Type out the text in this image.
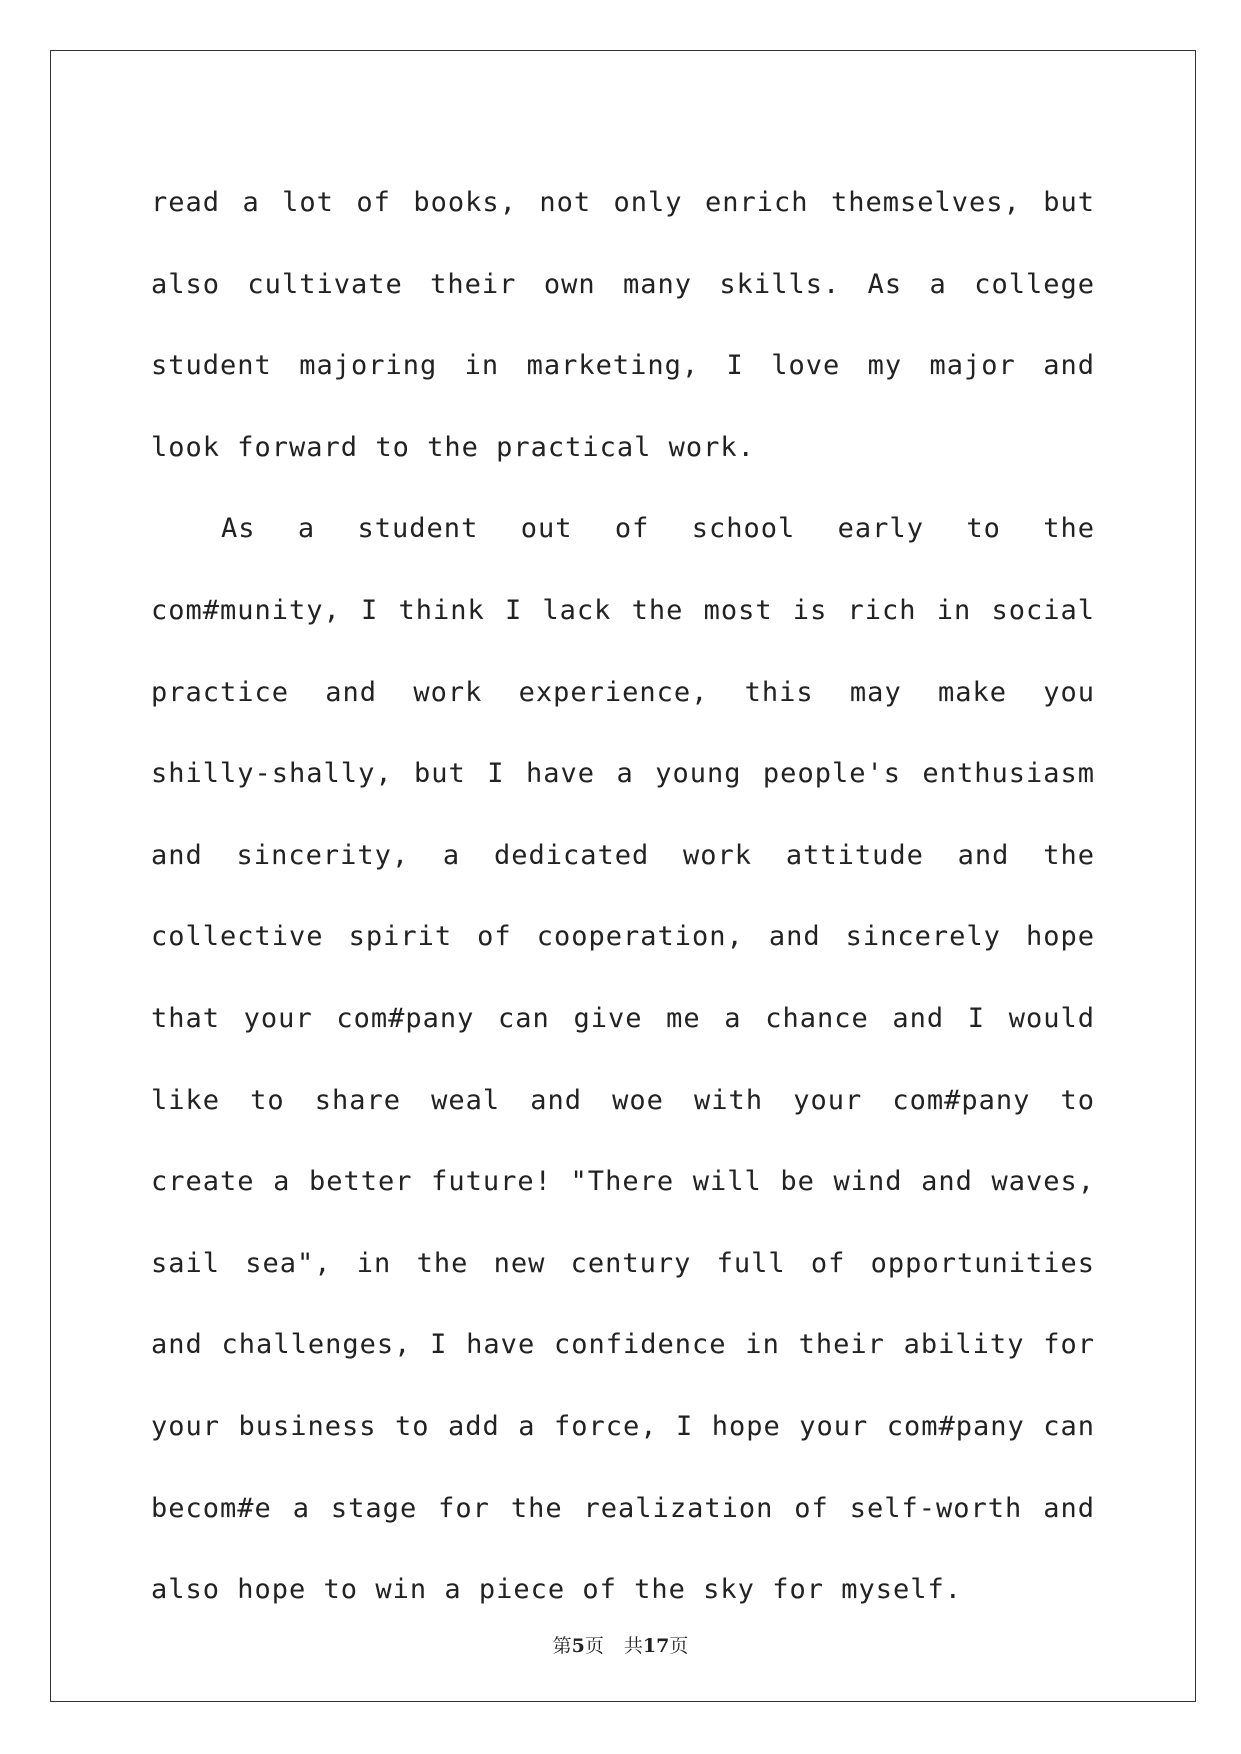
read a lot of books, not only enrich themselves, but also cultivate their own many skills. As a college student majoring in marketing, I love my major and look forward to the practical work.

As a student out of school early to the com#munity, I think I lack the most is rich in social practice and work experience, this may make you shilly-shally, but I have a young people's enthusiasm and sincerity, a dedicated work attitude and the collective spirit of cooperation, and sincerely hope that your com#pany can give me a chance and I would like to share weal and woe with your com#pany to create a better future! "There will be wind and waves, sail sea", in the new century full of opportunities and challenges, I have confidence in their ability for your business to add a force, I hope your com#pany can becom#e a stage for the realization of self-worth and also hope to win a piece of the sky for myself.

第5页 共17页
